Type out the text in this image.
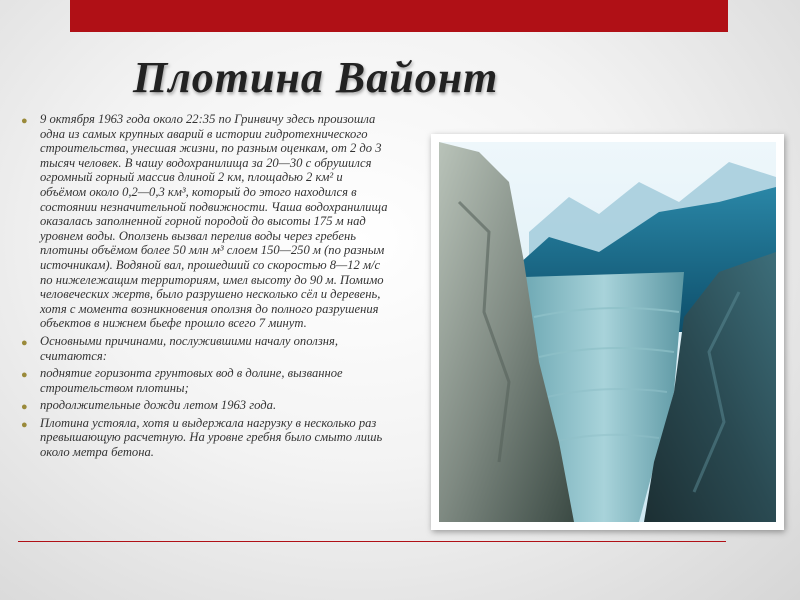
Плотина Вайонт
● 9 октября 1963 года около 22:35 по Гринвичу здесь произошла одна из самых крупных аварий в истории гидротехнического строительства, унесшая жизни, по разным оценкам, от 2 до 3 тысяч человек. В чашу водохранилища за 20—30 с обрушился огромный горный массив длиной 2 км, площадью 2 км² и объёмом около 0,2—0,3 км³, который до этого находился в состоянии незначительной подвижности. Чаша водохранилища оказалась заполненной горной породой до высоты 175 м над уровнем воды. Оползень вызвал перелив воды через гребень плотины объёмом более 50 млн м³ слоем 150—250 м (по разным источникам). Водяной вал, прошедший со скоростью 8—12 м/с по нижележащим территориям, имел высоту до 90 м. Помимо человеческих жертв, было разрушено несколько сёл и деревень, хотя с момента возникновения оползня до полного разрушения объектов в нижнем бьефе прошло всего 7 минут.
● Основными причинами, послужившими началу оползня, считаются:
● поднятие горизонта грунтовых вод в долине, вызванное строительством плотины;
● продолжительные дожди летом 1963 года.
● Плотина устояла, хотя и выдержала нагрузку в несколько раз превышающую расчетную. На уровне гребня было смыто лишь около метра бетона.
